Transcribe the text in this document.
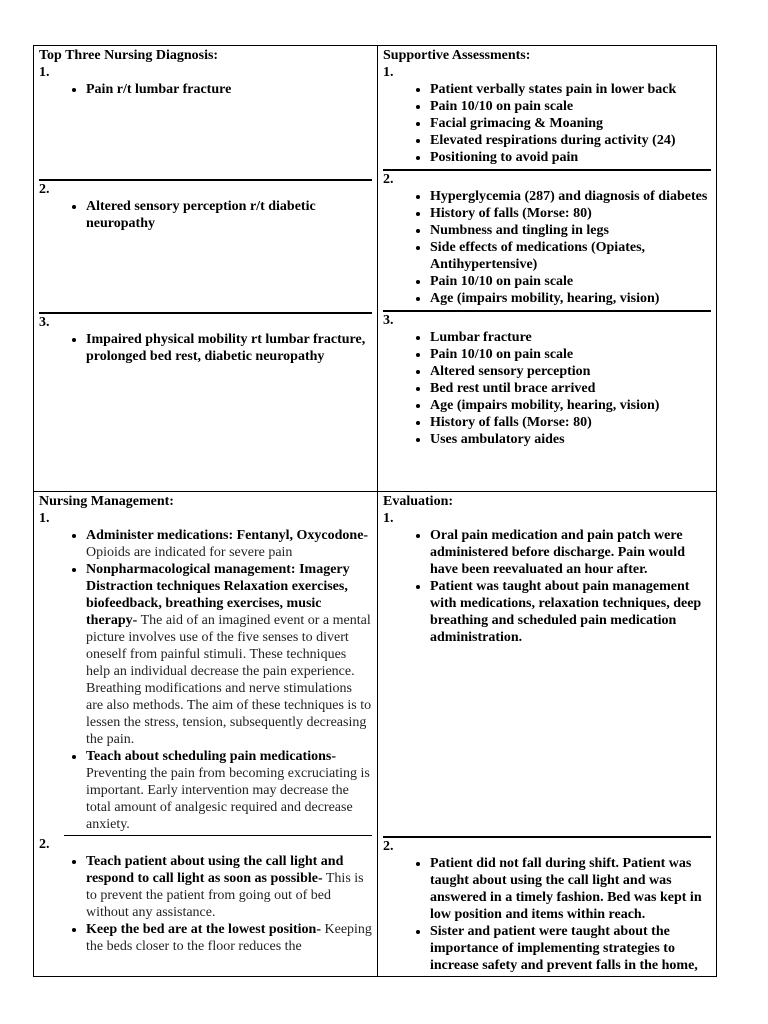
Top Three Nursing Diagnosis:
1.
• Pain r/t lumbar fracture
2.
• Altered sensory perception r/t diabetic neuropathy
3.
• Impaired physical mobility rt lumbar fracture, prolonged bed rest, diabetic neuropathy
Supportive Assessments:
1.
• Patient verbally states pain in lower back
• Pain 10/10 on pain scale
• Facial grimacing & Moaning
• Elevated respirations during activity (24)
• Positioning to avoid pain
2.
• Hyperglycemia (287) and diagnosis of diabetes
• History of falls (Morse: 80)
• Numbness and tingling in legs
• Side effects of medications (Opiates, Antihypertensive)
• Pain 10/10 on pain scale
• Age (impairs mobility, hearing, vision)
3.
• Lumbar fracture
• Pain 10/10 on pain scale
• Altered sensory perception
• Bed rest until brace arrived
• Age (impairs mobility, hearing, vision)
• History of falls (Morse: 80)
• Uses ambulatory aides
Nursing Management:
1.
• Administer medications: Fentanyl, Oxycodone- Opioids are indicated for severe pain
• Nonpharmacological management: Imagery Distraction techniques Relaxation exercises, biofeedback, breathing exercises, music therapy- The aid of an imagined event or a mental picture involves use of the five senses to divert oneself from painful stimuli. These techniques help an individual decrease the pain experience. Breathing modifications and nerve stimulations are also methods. The aim of these techniques is to lessen the stress, tension, subsequently decreasing the pain.
• Teach about scheduling pain medications- Preventing the pain from becoming excruciating is important. Early intervention may decrease the total amount of analgesic required and decrease anxiety.
2.
• Teach patient about using the call light and respond to call light as soon as possible- This is to prevent the patient from going out of bed without any assistance.
• Keep the bed are at the lowest position- Keeping the beds closer to the floor reduces the
Evaluation:
1.
• Oral pain medication and pain patch were administered before discharge. Pain would have been reevaluated an hour after.
• Patient was taught about pain management with medications, relaxation techniques, deep breathing and scheduled pain medication administration.
2.
• Patient did not fall during shift. Patient was taught about using the call light and was answered in a timely fashion. Bed was kept in low position and items within reach.
• Sister and patient were taught about the importance of implementing strategies to increase safety and prevent falls in the home,
